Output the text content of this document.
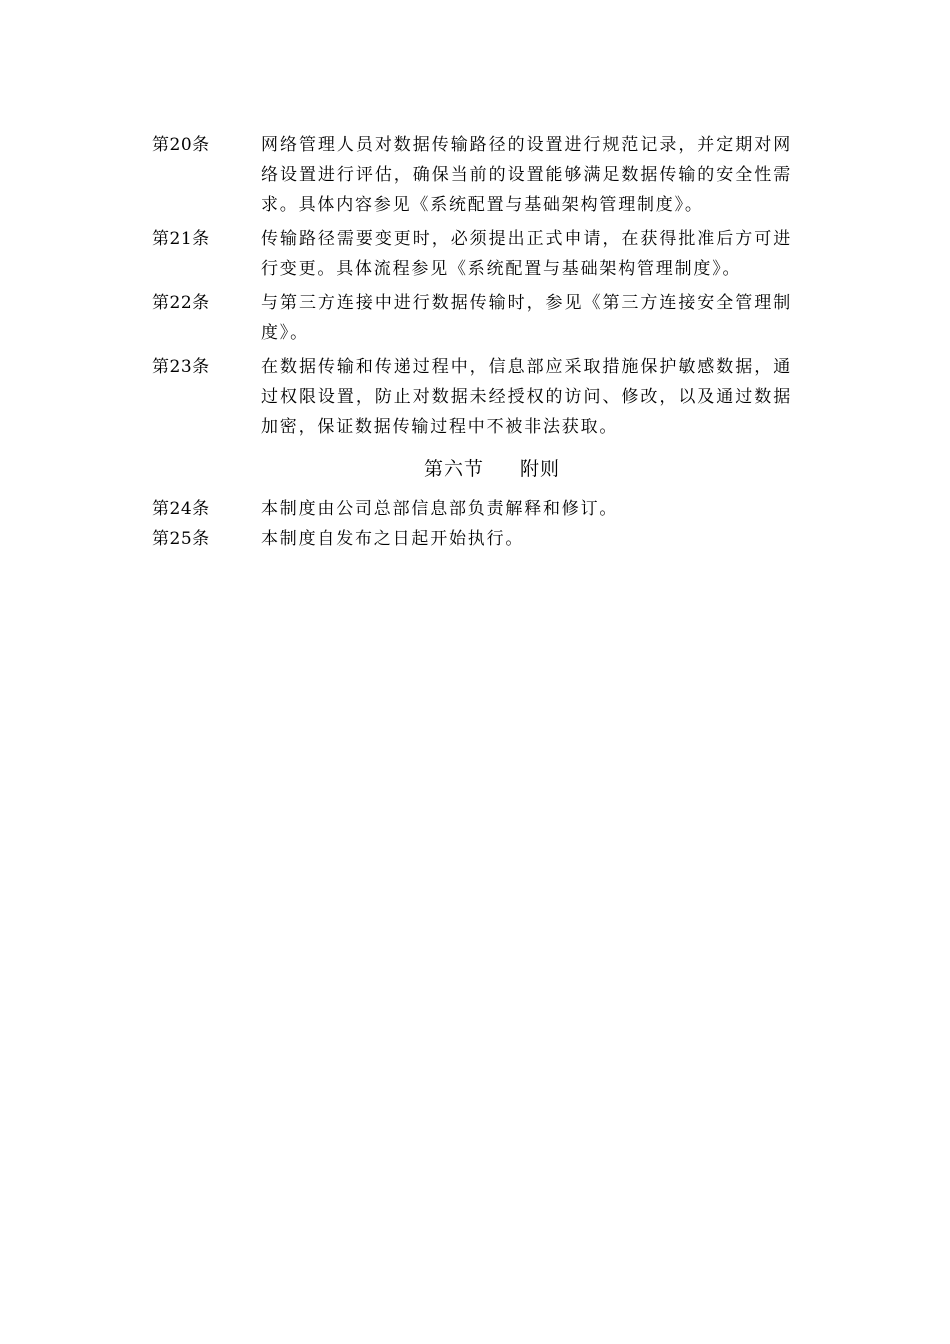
第20条	网络管理人员对数据传输路径的设置进行规范记录，并定期对网络设置进行评估，确保当前的设置能够满足数据传输的安全性需求。具体内容参见《系统配置与基础架构管理制度》。
第21条	传输路径需要变更时，必须提出正式申请，在获得批准后方可进行变更。具体流程参见《系统配置与基础架构管理制度》。
第22条	与第三方连接中进行数据传输时，参见《第三方连接安全管理制度》。
第23条	在数据传输和传递过程中，信息部应采取措施保护敏感数据，通过权限设置，防止对数据未经授权的访问、修改，以及通过数据加密，保证数据传输过程中不被非法获取。
第六节 附则
第24条	本制度由公司总部信息部负责解释和修订。
第25条	本制度自发布之日起开始执行。
